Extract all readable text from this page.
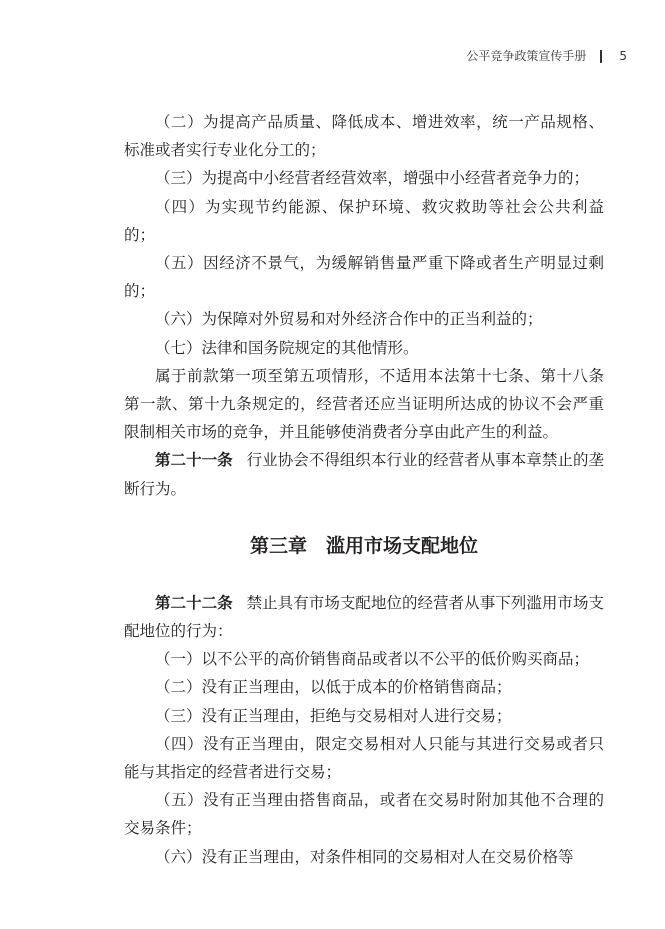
公平竞争政策宣传手册	5

（二）为提高产品质量、降低成本、增进效率，统一产品规格、标准或者实行专业化分工的；

（三）为提高中小经营者经营效率，增强中小经营者竞争力的；

（四）为实现节约能源、保护环境、救灾救助等社会公共利益的；

（五）因经济不景气，为缓解销售量严重下降或者生产明显过剩的；

（六）为保障对外贸易和对外经济合作中的正当利益的；

（七）法律和国务院规定的其他情形。

属于前款第一项至第五项情形，不适用本法第十七条、第十八条第一款、第十九条规定的，经营者还应当证明所达成的协议不会严重限制相关市场的竞争，并且能够使消费者分享由此产生的利益。

第二十一条 行业协会不得组织本行业的经营者从事本章禁止的垄断行为。

第三章　滥用市场支配地位

第二十二条 禁止具有市场支配地位的经营者从事下列滥用市场支配地位的行为：

（一）以不公平的高价销售商品或者以不公平的低价购买商品；

（二）没有正当理由，以低于成本的价格销售商品；

（三）没有正当理由，拒绝与交易相对人进行交易；

（四）没有正当理由，限定交易相对人只能与其进行交易或者只能与其指定的经营者进行交易；

（五）没有正当理由搭售商品，或者在交易时附加其他不合理的交易条件；

（六）没有正当理由，对条件相同的交易相对人在交易价格等
